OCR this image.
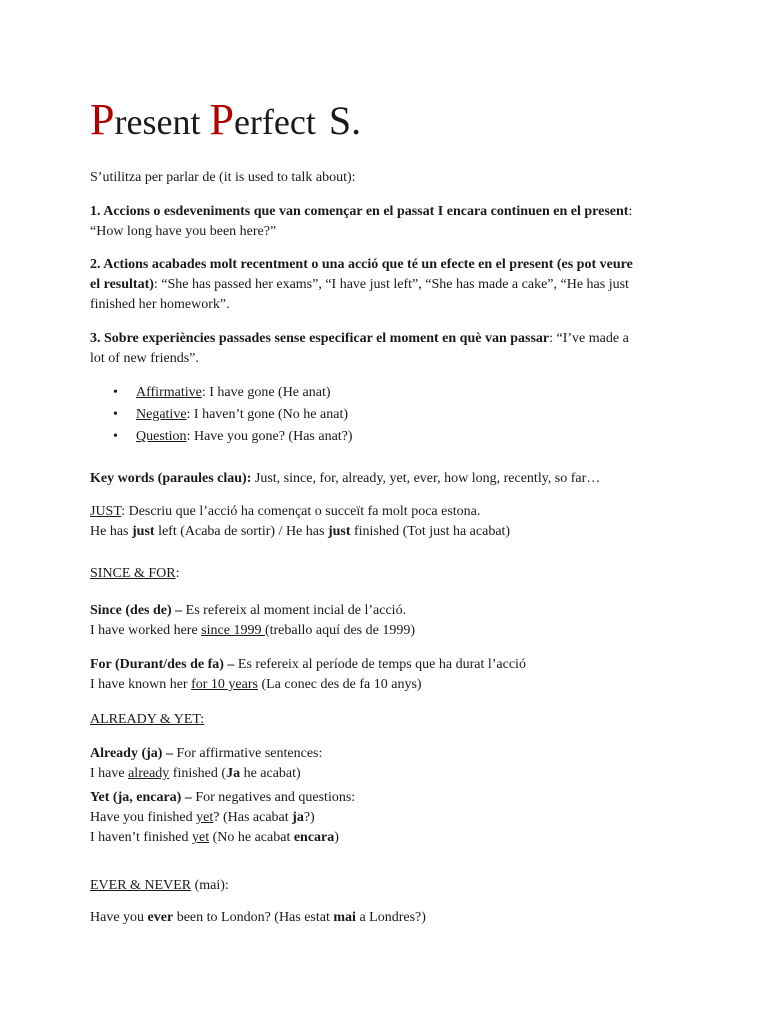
Present Perfect S.

S’utilitza per parlar de (it is used to talk about):

1. Accions o esdeveniments que van començar en el passat I encara continuen en el present:

“How long have you been here?”

2. Actions acabades molt recentment o una acció que té un efecte en el present (es pot veure

el resultat): “She has passed her exams”, “I have just left”, “She has made a cake”, “He has just

finished her homework”.

3. Sobre experiències passades sense especificar el moment en què van passar: “I’ve made a

lot of new friends”.

• Affirmative: I have gone (He anat)
• Negative: I haven’t gone (No he anat)
• Question: Have you gone? (Has anat?)

Key words (paraules clau): Just, since, for, already, yet, ever, how long, recently, so far…

JUST: Descriu que l’acció ha començat o succeït fa molt poca estona.

He has just left (Acaba de sortir) / He has just finished (Tot just ha acabat)

SINCE & FOR:

Since (des de) – Es refereix al moment incial de l’acció.

I have worked here since 1999 (treballo aquí des de 1999)

For (Durant/des de fa) – Es refereix al període de temps que ha durat l’acció

I have known her for 10 years (La conec des de fa 10 anys)

ALREADY & YET:

Already (ja) – For affirmative sentences:

I have already finished (Ja he acabat)

Yet (ja, encara) – For negatives and questions:

Have you finished yet? (Has acabat ja?)

I haven’t finished yet (No he acabat encara)

EVER & NEVER (mai):

Have you ever been to London? (Has estat mai a Londres?)
